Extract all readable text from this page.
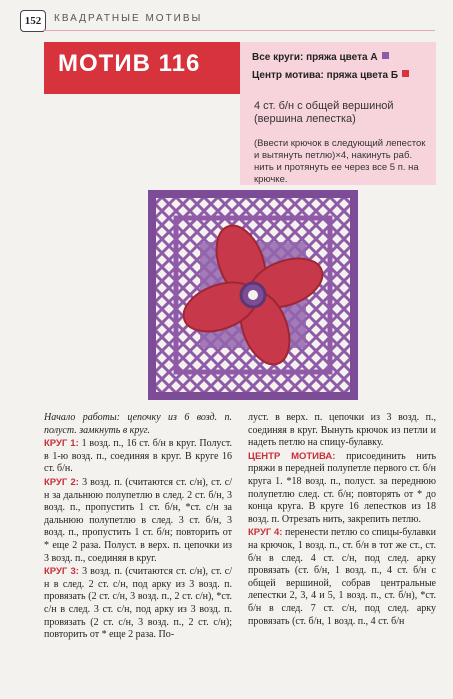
152	КВАДРАТНЫЕ МОТИВЫ
МОТИВ 116	Все круги: пряжа цвета А
Центр мотива: пряжа цвета Б
4 ст. б/н с общей вершиной (вершина лепестка)
(Ввести крючок в следующий лепесток и вытянуть петлю)×4, накинуть раб. нить и протянуть ее через все 5 п. на крючке.

Начало работы: цепочку из 6 возд. п. полуст. замкнуть в круг.

КРУГ 1: 1 возд. п., 16 ст. б/н в круг. Полуст. в 1-ю возд. п., соединяя в круг. В круге 16 ст. б/н.

КРУГ 2: 3 возд. п. (считаются ст. с/н), ст. с/н за дальнюю полупетлю в след. 2 ст. б/н, 3 возд. п., пропустить 1 ст. б/н, *ст. с/н за дальнюю полупетлю в след. 3 ст. б/н, 3 возд. п., пропустить 1 ст. б/н; повторить от * еще 2 раза. Полуст. в верх. п. цепочки из 3 возд. п., соединяя в круг.

КРУГ 3: 3 возд. п. (считаются ст. с/н), ст. с/н в след. 2 ст. с/н, под арку из 3 возд. п. провязать (2 ст. с/н, 3 возд. п., 2 ст. с/н), *ст. с/н в след. 3 ст. с/н, под арку из 3 возд. п. провязать (2 ст. с/н, 3 возд. п., 2 ст. с/н); повторить от * еще 2 раза. По-

луст. в верх. п. цепочки из 3 возд. п., соединяя в круг. Вынуть крючок из петли и надеть петлю на спицу-булавку.

ЦЕНТР МОТИВА: присоединить нить пряжи в передней полупетле первого ст. б/н круга 1. *18 возд. п., полуст. за переднюю полупетлю след. ст. б/н; повторять от * до конца круга. В круге 16 лепестков из 18 возд. п. Отрезать нить, закрепить петлю.

КРУГ 4: перенести петлю со спицы-булавки на крючок, 1 возд. п., ст. б/н в тот же ст., ст. б/н в след. 4 ст. с/н, под след. арку провязать (ст. б/н, 1 возд. п., 4 ст. б/н с общей вершиной, собрав центральные лепестки 2, 3, 4 и 5, 1 возд. п., ст. б/н), *ст. б/н в след. 7 ст. с/н, под след. арку провязать (ст. б/н, 1 возд. п., 4 ст. б/н
